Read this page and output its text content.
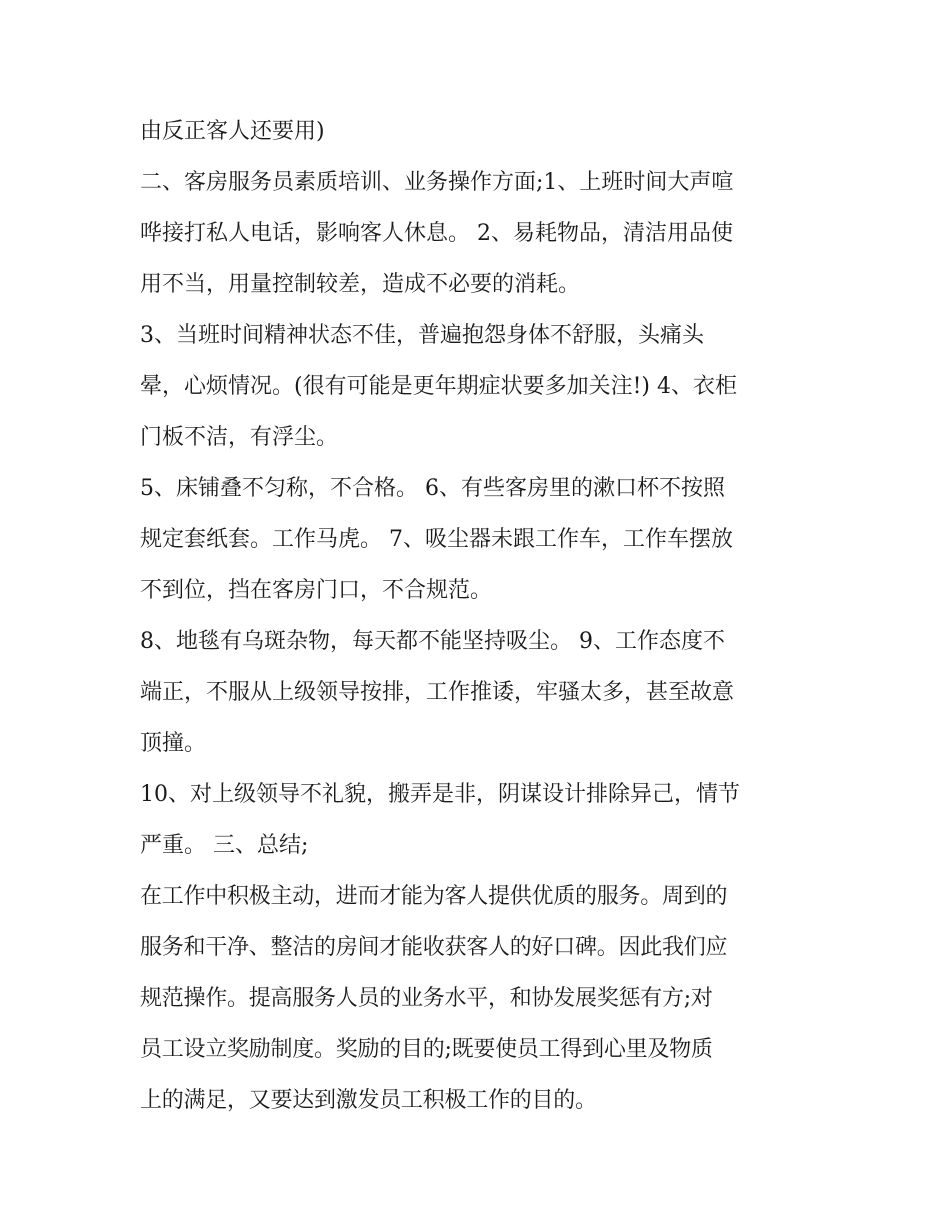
由反正客人还要用)
二、客房服务员素质培训、业务操作方面;1、上班时间大声喧
哗接打私人电话，影响客人休息。 2、易耗物品，清洁用品使
用不当，用量控制较差，造成不必要的消耗。
3、当班时间精神状态不佳，普遍抱怨身体不舒服，头痛头
晕，心烦情况。(很有可能是更年期症状要多加关注!) 4、衣柜
门板不洁，有浮尘。
5、床铺叠不匀称，不合格。 6、有些客房里的漱口杯不按照
规定套纸套。工作马虎。 7、吸尘器未跟工作车，工作车摆放
不到位，挡在客房门口，不合规范。
8、地毯有乌斑杂物，每天都不能坚持吸尘。 9、工作态度不
端正，不服从上级领导按排，工作推诿，牢骚太多，甚至故意
顶撞。
10、对上级领导不礼貌，搬弄是非，阴谋设计排除异己，情节
严重。 三、总结;
在工作中积极主动，进而才能为客人提供优质的服务。周到的
服务和干净、整洁的房间才能收获客人的好口碑。因此我们应
规范操作。提高服务人员的业务水平，和协发展奖惩有方;对
员工设立奖励制度。奖励的目的;既要使员工得到心里及物质
上的满足，又要达到激发员工积极工作的目的。
